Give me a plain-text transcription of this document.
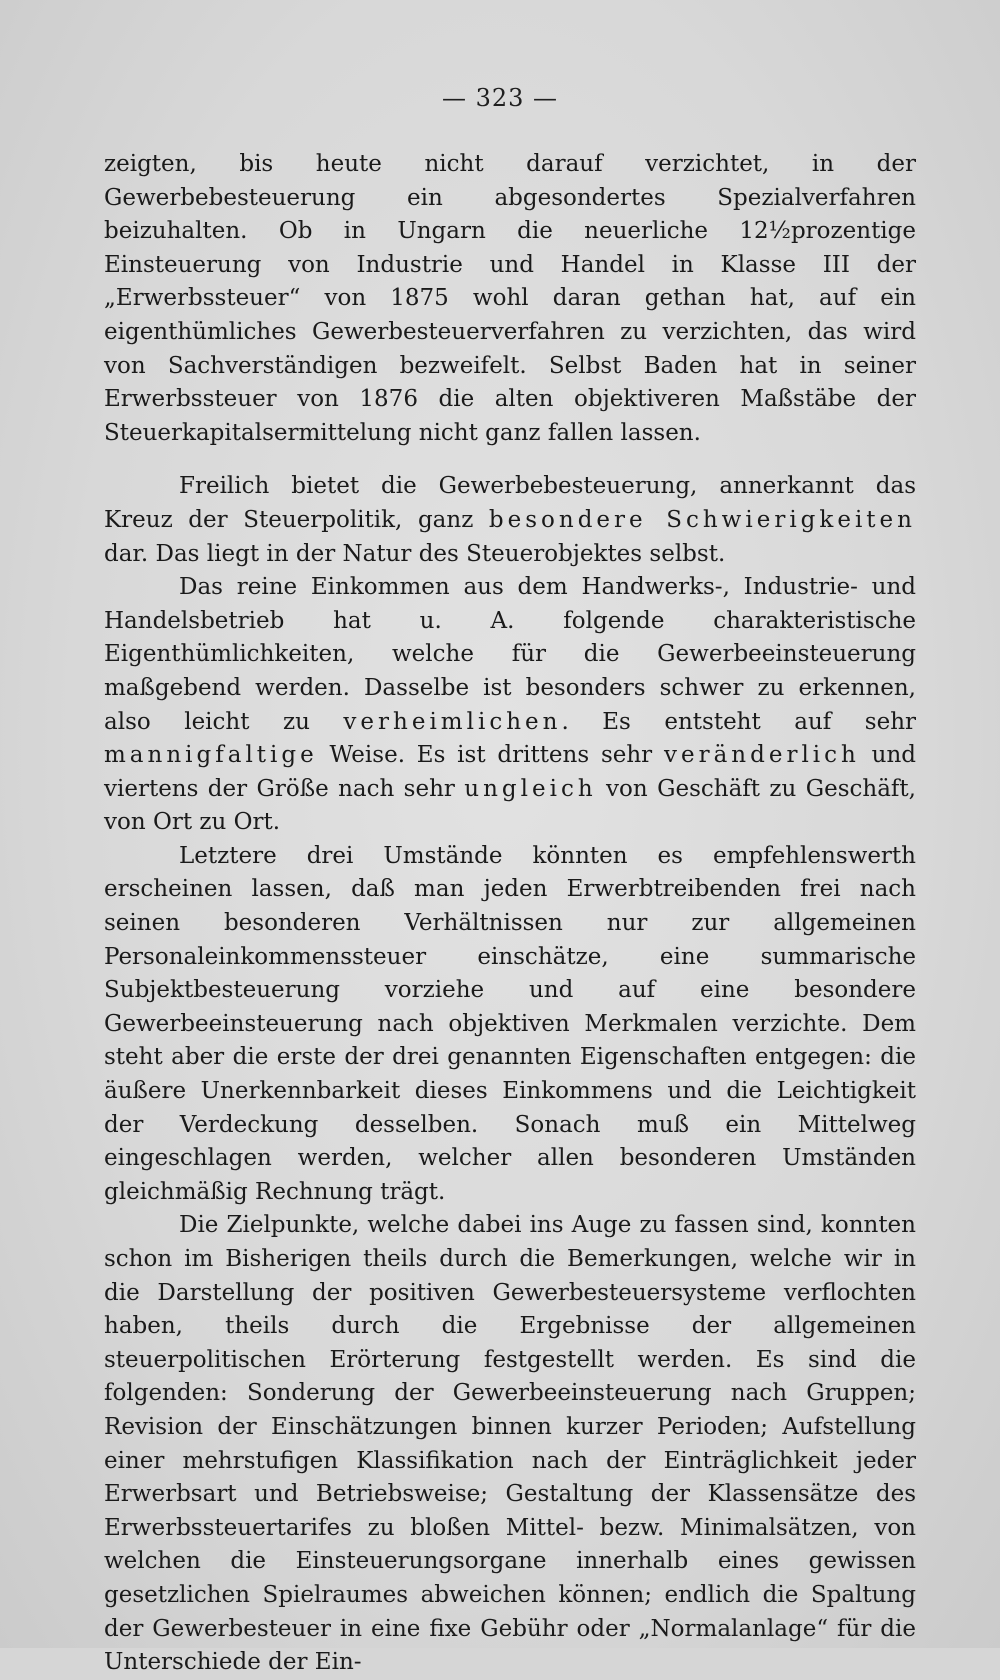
— 323 —

zeigten, bis heute nicht darauf verzichtet, in der Gewerbebesteuerung ein abgesondertes Spezialverfahren beizuhalten. Ob in Ungarn die neuerliche 12½prozentige Einsteuerung von Industrie und Handel in Klasse III der „Erwerbssteuer“ von 1875 wohl daran gethan hat, auf ein eigenthümliches Gewerbesteuerverfahren zu verzichten, das wird von Sachverständigen bezweifelt. Selbst Baden hat in seiner Erwerbssteuer von 1876 die alten objektiveren Maßstäbe der Steuerkapitalsermittelung nicht ganz fallen lassen.

Freilich bietet die Gewerbebesteuerung, annerkannt das Kreuz der Steuerpolitik, ganz besondere Schwierigkeiten dar. Das liegt in der Natur des Steuerobjektes selbst.

Das reine Einkommen aus dem Handwerks-, Industrie- und Handelsbetrieb hat u. A. folgende charakteristische Eigenthümlichkeiten, welche für die Gewerbeeinsteuerung maßgebend werden. Dasselbe ist besonders schwer zu erkennen, also leicht zu verheimlichen. Es entsteht auf sehr mannigfaltige Weise. Es ist drittens sehr veränderlich und viertens der Größe nach sehr ungleich von Geschäft zu Geschäft, von Ort zu Ort.

Letztere drei Umstände könnten es empfehlenswerth erscheinen lassen, daß man jeden Erwerbtreibenden frei nach seinen besonderen Verhältnissen nur zur allgemeinen Personaleinkommenssteuer einschätze, eine summarische Subjektbesteuerung vorziehe und auf eine besondere Gewerbeeinsteuerung nach objektiven Merkmalen verzichte. Dem steht aber die erste der drei genannten Eigenschaften entgegen: die äußere Unerkennbarkeit dieses Einkommens und die Leichtigkeit der Verdeckung desselben. Sonach muß ein Mittelweg eingeschlagen werden, welcher allen besonderen Umständen gleichmäßig Rechnung trägt.

Die Zielpunkte, welche dabei ins Auge zu fassen sind, konnten schon im Bisherigen theils durch die Bemerkungen, welche wir in die Darstellung der positiven Gewerbesteuersysteme verflochten haben, theils durch die Ergebnisse der allgemeinen steuerpolitischen Erörterung festgestellt werden. Es sind die folgenden: Sonderung der Gewerbeeinsteuerung nach Gruppen; Revision der Einschätzungen binnen kurzer Perioden; Aufstellung einer mehrstufigen Klassifikation nach der Einträglichkeit jeder Erwerbsart und Betriebsweise; Gestaltung der Klassensätze des Erwerbssteuertarifes zu bloßen Mittel- bezw. Minimalsätzen, von welchen die Einsteuerungsorgane innerhalb eines gewissen gesetzlichen Spielraumes abweichen können; endlich die Spaltung der Gewerbesteuer in eine fixe Gebühr oder „Normalanlage“ für die Unterschiede der Ein-
